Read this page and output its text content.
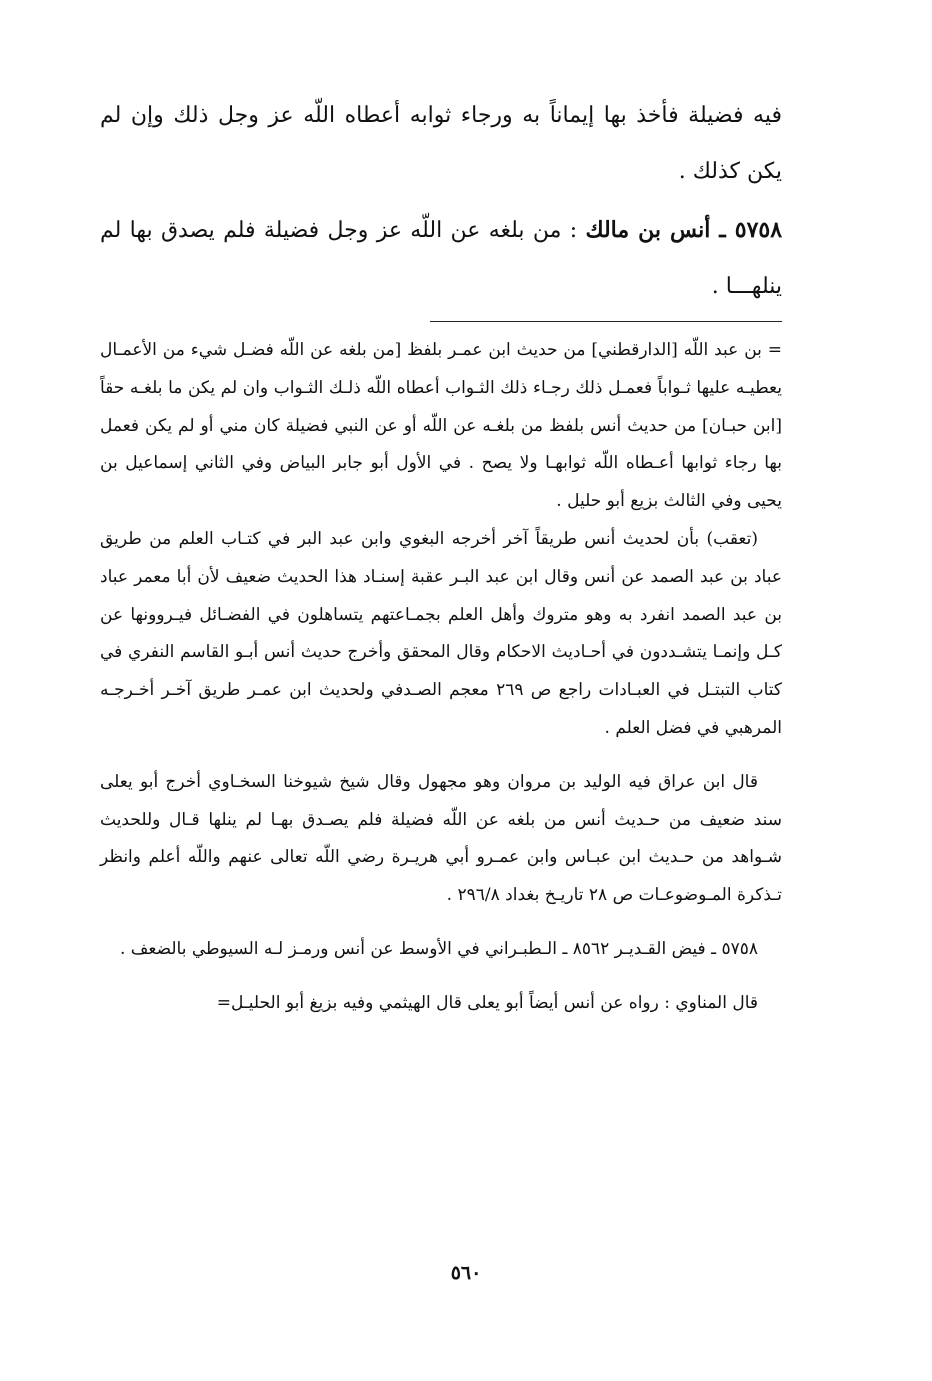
فيه فضيلة فأخذ بها إيماناً به ورجاء ثوابه أعطاه اللّه عز وجل ذلك وإن لم يكن كذلك .

٥٧٥٨ ـ أنس بن مالك : من بلغه عن اللّه عز وجل فضيلة فلم يصدق بها لم ينلهـــا .

= بن عبد اللّه [الدارقطني] من حديث ابن عمـر بلفظ [من بلغه عن اللّه فضـل شيء من الأعمـال يعطيـه عليها ثـواباً فعمـل ذلك رجـاء ذلك الثـواب أعطاه اللّه ذلـك الثـواب وان لم يكن ما بلغـه حقاً [ابن حبـان] من حديث أنس بلفظ من بلغـه عن اللّه أو عن النبي فضيلة كان مني أو لم يكن فعمل بها رجاء ثوابها أعـطاه اللّه ثوابهـا ولا يصح . في الأول أبو جابر البياض وفي الثاني إسماعيل بن يحيى وفي الثالث بزيع أبو حليل .

(تعقب) بأن لحديث أنس طريقاً آخر أخرجه البغوي وابن عبد البر في كتـاب العلم من طريق عباد بن عبد الصمد عن أنس وقال ابن عبد البـر عقبة إسنـاد هذا الحديث ضعيف لأن أبا معمر عباد بن عبد الصمد انفرد به وهو متروك وأهل العلم بجمـاعتهم يتساهلون في الفضـائل فيـروونها عن كـل وإنمـا يتشـددون في أحـاديث الاحكام وقال المحقق وأخرج حديث أنس أبـو القاسم النفري في كتاب التبتـل في العبـادات راجع ص ٢٦٩ معجم الصـدفي ولحديث ابن عمـر طريق آخـر أخـرجـه المرهبي في فضل العلم .

قال ابن عراق فيه الوليد بن مروان وهو مجهول وقال شيخ شيوخنا السخـاوي أخرج أبو يعلى سند ضعيف من حـديث أنس من بلغه عن اللّه فضيلة فلم يصـدق بهـا لم ينلها قـال وللحديث شـواهد من حـديث ابن عبـاس وابن عمـرو أبي هريـرة رضي اللّه تعالى عنهم واللّه أعلم وانظر تـذكرة المـوضوعـات ص ٢٨ تاريـخ بغداد ٢٩٦/٨ .

٥٧٥٨ ـ فيض القـديـر ٨٥٦٢ ـ الـطبـراني في الأوسط عن أنس ورمـز لـه السيوطي بالضعف .

قال المناوي : رواه عن أنس أيضاً أبو يعلى قال الهيثمي وفيه بزيغ أبو الحليـل=

٥٦٠
